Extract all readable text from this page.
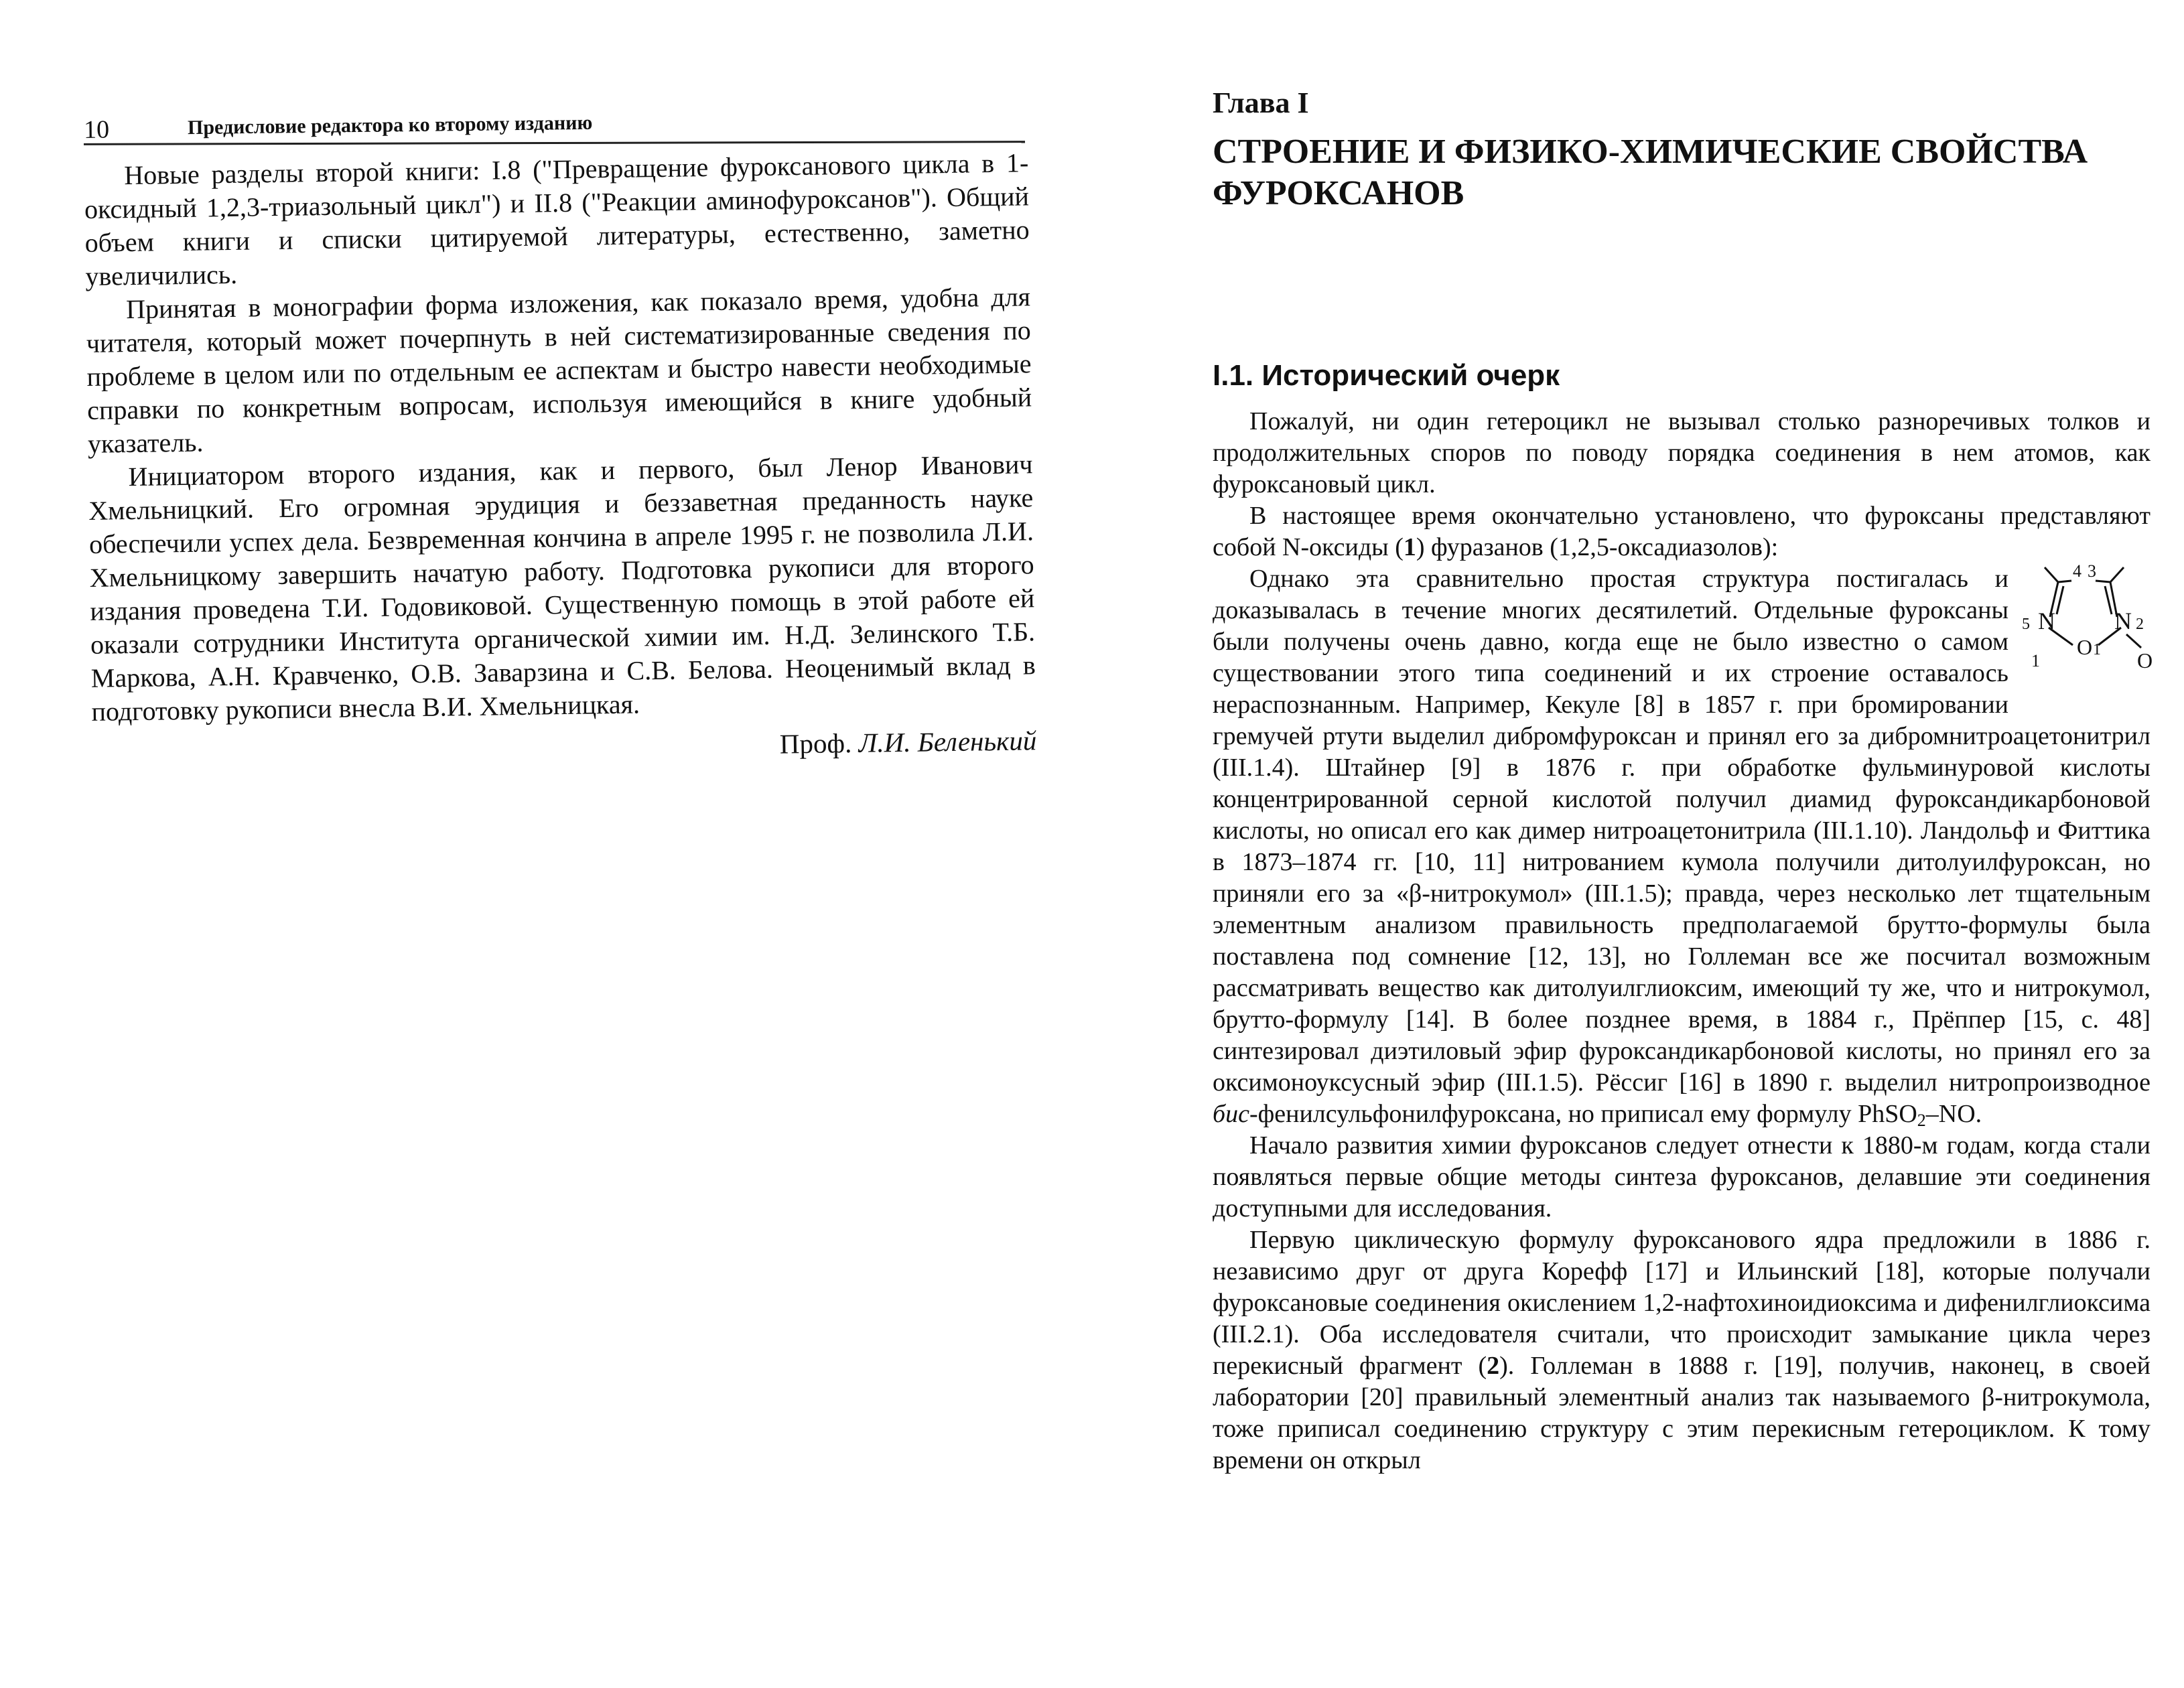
10	Предисловие редактора ко второму изданию

Новые разделы второй книги: I.8 ("Превращение фуроксанового цикла в 1-оксидный 1,2,3-триазольный цикл") и II.8 ("Реакции аминофуроксанов"). Общий объем книги и списки цитируемой литературы, естественно, заметно увеличились.

Принятая в монографии форма изложения, как показало время, удобна для читателя, который может почерпнуть в ней систематизированные сведения по проблеме в целом или по отдельным ее аспектам и быстро навести необходимые справки по конкретным вопросам, используя имеющийся в книге удобный указатель.

Инициатором второго издания, как и первого, был Ленор Иванович Хмельницкий. Его огромная эрудиция и беззаветная преданность науке обеспечили успех дела. Безвременная кончина в апреле 1995 г. не позволила Л.И. Хмельницкому завершить начатую работу. Подготовка рукописи для второго издания проведена Т.И. Годовиковой. Существенную помощь в этой работе ей оказали сотрудники Института органической химии им. Н.Д. Зелинского Т.Б. Маркова, А.Н. Кравченко, О.В. Заварзина и С.В. Белова. Неоценимый вклад в подготовку рукописи внесла В.И. Хмельницкая.

Проф. Л.И. Беленький

Глава I
СТРОЕНИЕ И ФИЗИКО-ХИМИЧЕСКИЕ СВОЙСТВА ФУРОКСАНОВ
I.1. Исторический очерк

Пожалуй, ни один гетероцикл не вызывал столько разноречивых толков и продолжительных споров по поводу порядка соединения в нем атомов, как фуроксановый цикл.

В настоящее время окончательно установлено, что фуроксаны представляют собой N-оксиды (1) фуразанов (1,2,5-оксадиазолов):

4 3
5 N N 2
O 1
1	O
Однако эта сравнительно простая структура постигалась и доказывалась в течение многих десятилетий. Отдельные фуроксаны были получены очень давно, когда еще не было известно о самом существовании этого типа соединений и их строение оставалось нераспознанным. Например, Кекуле [8] в 1857 г. при бромировании гремучей ртути выделил дибромфуроксан и принял его за дибромнитроацетонитрил (III.1.4). Штайнер [9] в 1876 г. при обработке фульминуровой кислоты концентрированной серной кислотой получил диамид фуроксандикарбоновой кислоты, но описал его как димер нитроацетонитрила (III.1.10). Ландольф и Фиттика в 1873–1874 гг. [10, 11] нитрованием кумола получили дитолуилфуроксан, но приняли его за «β-нитрокумол» (III.1.5); правда, через несколько лет тщательным элементным анализом правильность предполагаемой брутто-формулы была поставлена под сомнение [12, 13], но Голлеман все же посчитал возможным рассматривать вещество как дитолуилглиоксим, имеющий ту же, что и нитрокумол, брутто-формулу [14]. В более позднее время, в 1884 г., Прёппер [15, с. 48] синтезировал диэтиловый эфир фуроксандикарбоновой кислоты, но принял его за оксимоноуксусный эфир (III.1.5). Рёссиг [16] в 1890 г. выделил нитропроизводное бис-фенилсульфонилфуроксана, но приписал ему формулу PhSO$_2$–NO.

Начало развития химии фуроксанов следует отнести к 1880-м годам, когда стали появляться первые общие методы синтеза фуроксанов, делавшие эти соединения доступными для исследования.

Первую циклическую формулу фуроксанового ядра предложили в 1886 г. независимо друг от друга Корефф [17] и Ильинский [18], которые получали фуроксановые соединения окислением 1,2-нафтохиноидиоксима и дифенилглиоксима (III.2.1). Оба исследователя считали, что происходит замыкание цикла через перекисный фрагмент (2). Голлеман в 1888 г. [19], получив, наконец, в своей лаборатории [20] правильный элементный анализ так называемого β-нитрокумола, тоже приписал соединению структуру с этим перекисным гетероциклом. К тому времени он открыл
